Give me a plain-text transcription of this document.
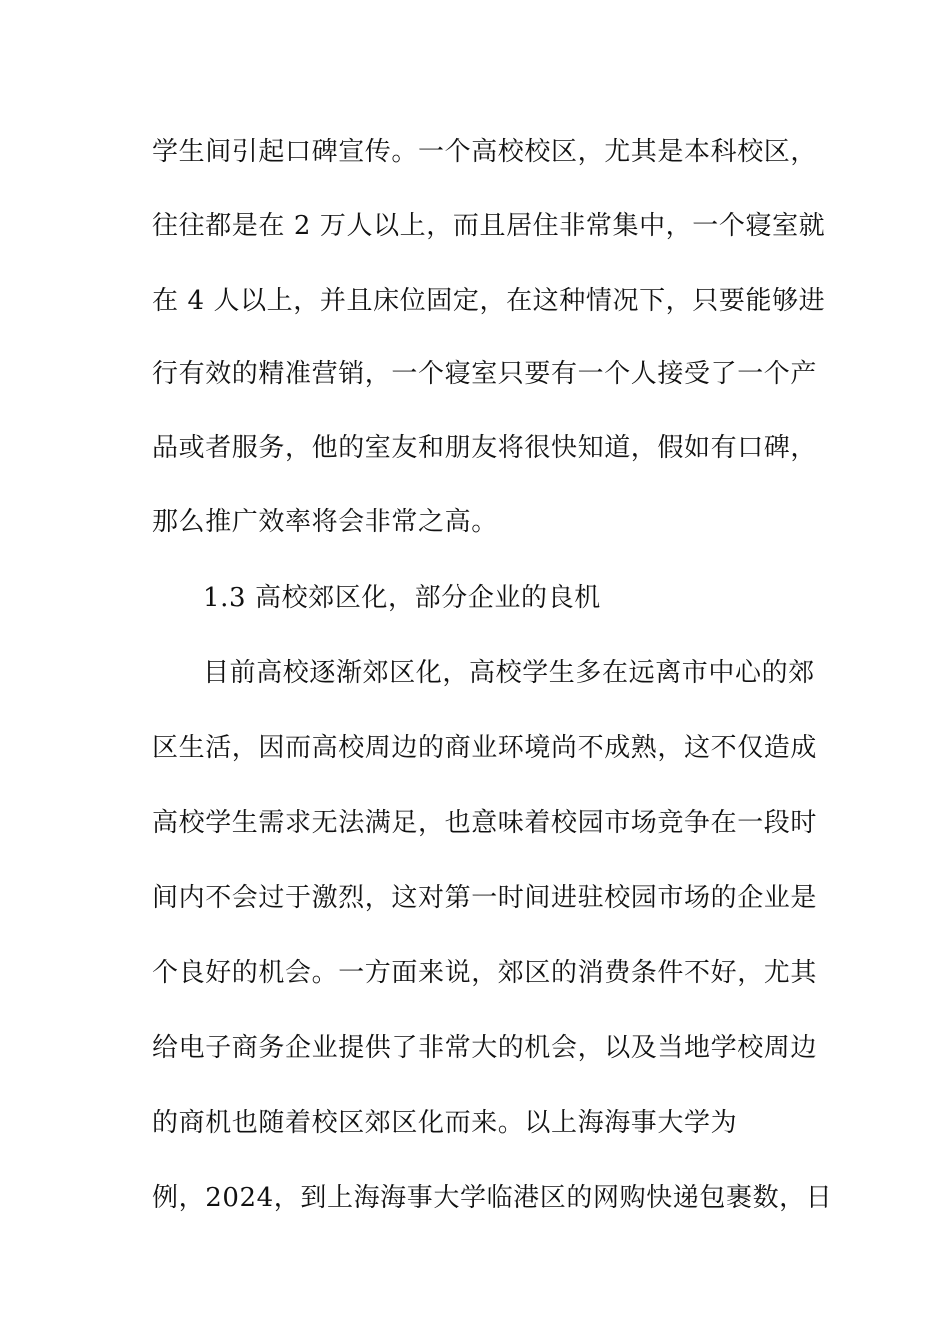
学生间引起口碑宣传。一个高校校区，尤其是本科校区，
往往都是在 2 万人以上，而且居住非常集中，一个寝室就
在 4 人以上，并且床位固定，在这种情况下，只要能够进
行有效的精准营销，一个寝室只要有一个人接受了一个产
品或者服务，他的室友和朋友将很快知道，假如有口碑，
那么推广效率将会非常之高。
1.3 高校郊区化，部分企业的良机
目前高校逐渐郊区化，高校学生多在远离市中心的郊
区生活，因而高校周边的商业环境尚不成熟，这不仅造成
高校学生需求无法满足，也意味着校园市场竞争在一段时
间内不会过于激烈，这对第一时间进驻校园市场的企业是
个良好的机会。一方面来说，郊区的消费条件不好，尤其
给电子商务企业提供了非常大的机会，以及当地学校周边
的商机也随着校区郊区化而来。以上海海事大学为
例，2024，到上海海事大学临港区的网购快递包裹数，日
